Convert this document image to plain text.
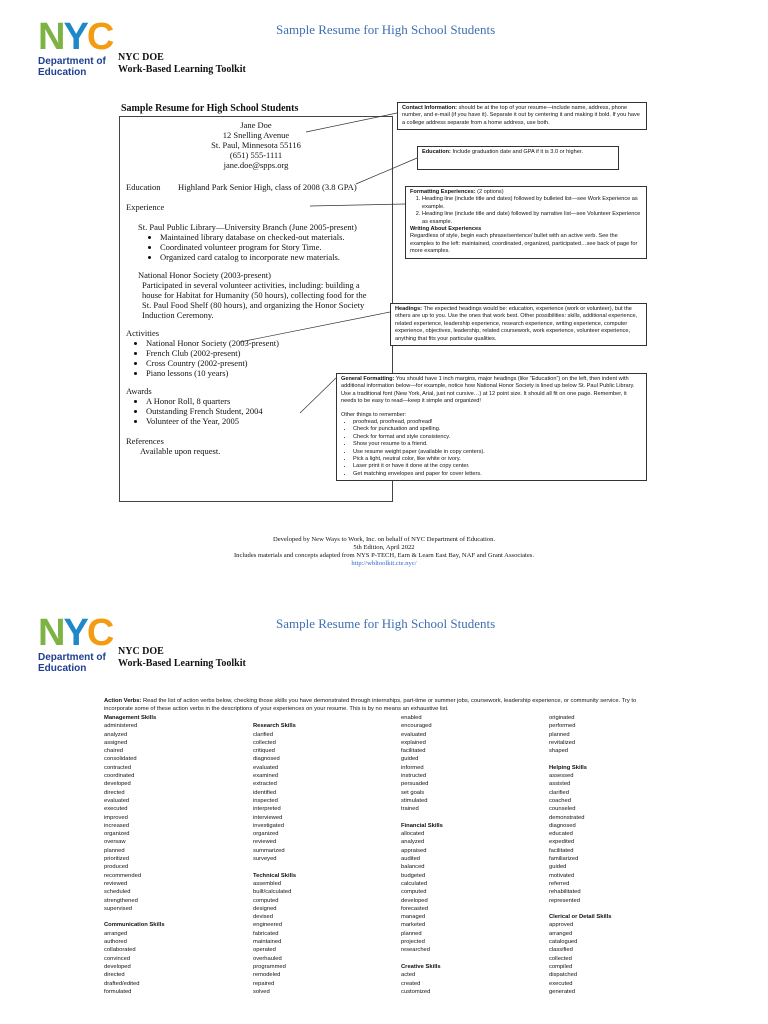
NYC
Department of
Education
Sample Resume for High School Students
NYC DOE
Work-Based Learning Toolkit
Sample Resume for High School Students
Jane Doe
12 Snelling Avenue
St. Paul, Minnesota 55116
(651) 555-1111
jane.doe@spps.org
Education Highland Park Senior High, class of 2008 (3.8 GPA)
Experience
St. Paul Public Library—University Branch (June 2005-present)
• Maintained library database on checked-out materials.
• Coordinated volunteer program for Story Time.
• Organized card catalog to incorporate new materials.
National Honor Society (2003-present)
Participated in several volunteer activities, including: building a house for Habitat for Humanity (50 hours), collecting food for the St. Paul Food Shelf (80 hours), and organizing the Honor Society Induction Ceremony.
Activities
• National Honor Society (2003-present)
• French Club (2002-present)
• Cross Country (2002-present)
• Piano lessons (10 years)
Awards
• A Honor Roll, 8 quarters
• Outstanding French Student, 2004
• Volunteer of the Year, 2005
References
Available upon request.
Contact Information: should be at the top of your resume—include name, address, phone number, and e-mail (if you have it). Separate it out by centering it and making it bold. If you have a college address separate from a home address, use both.
Education: Include graduation date and GPA if it is 3.0 or higher.
Formatting Experiences: (2 options)
1. Heading line (include title and dates) followed by bulleted list—see Work Experience as example.
2. Heading line (include title and date) followed by narrative list—see Volunteer Experience as example.
Writing About Experiences
Regardless of style, begin each phrase/sentence/ bullet with an active verb. See the examples to the left: maintained, coordinated, organized, participated…see back of page for more examples.
Headings: The expected headings would be: education, experience (work or volunteer), but the others are up to you. Use the ones that work best. Other possibilities: skills, additional experience, related experience, leadership experience, research experience, writing experience, computer experience, objectives, leadership, related coursework, work experience, volunteer experience, anything that fits your particular qualities.
General Formatting: You should have 1 inch margins, major headings (like “Education”) on the left, then indent with additional information below—for example, notice how National Honor Society is lined up below St. Paul Public Library. Use a traditional font (New York, Arial, just not cursive…) at 12 point size. It should all fit on one page. Remember, it needs to be easy to read—keep it simple and organized!
Other things to remember:
• proofread, proofread, proofread!
• Check for punctuation and spelling.
• Check for format and style consistency.
• Show your resume to a friend.
• Use resume weight paper (available in copy centers).
• Pick a light, neutral color, like white or ivory.
• Laser print it or have it done at the copy center.
• Get matching envelopes and paper for cover letters.
Developed by New Ways to Work, Inc. on behalf of NYC Department of Education.
5th Edition, April 2022
Includes materials and concepts adapted from NYS P-TECH, Earn & Learn East Bay, NAF and Grant Associates.
http://wbltoolkit.cte.nyc/
NYC
Department of
Education
Sample Resume for High School Students
NYC DOE
Work-Based Learning Toolkit
Action Verbs: Read the list of action verbs below, checking those skills you have demonstrated through internships, part-time or summer jobs, coursework, leadership experience, or community service. Try to incorporate some of these action verbs in the descriptions of your experiences on your resume. This is by no means an exhaustive list.
Management Skills
administered
analyzed
assigned
chaired
consolidated
contracted
coordinated
developed
directed
evaluated
executed
improved
increased
organized
oversaw
planned
prioritized
produced
recommended
reviewed
scheduled
strengthened
supervised

Communication Skills
arranged
authored
collaborated
convinced
developed
directed
drafted/edited
formulated

Research Skills
clarified
collected
critiqued
diagnosed
evaluated
examined
extracted
identified
inspected
interpreted
interviewed
investigated
organized
reviewed
summarized
surveyed

Technical Skills
assembled
built/calculated
computed
designed
devised
engineered
fabricated
maintained
operated
overhauled
programmed
remodeled
repaired
solved
enabled
encouraged
evaluated
explained
facilitated
guided
informed
instructed
persuaded
set goals
stimulated
trained

Financial Skills
allocated
analyzed
appraised
audited
balanced
budgeted
calculated
computed
developed
forecasted
managed
marketed
planned
projected
researched

Creative Skills
acted
created
customized
originated
performed
planned
revitalized
shaped

Helping Skills
assessed
assisted
clarified
coached
counseled
demonstrated
diagnosed
educated
expedited
facilitated
familiarized
guided
motivated
referred
rehabilitated
represented

Clerical or Detail Skills
approved
arranged
catalogued
classified
collected
compiled
dispatched
executed
generated
